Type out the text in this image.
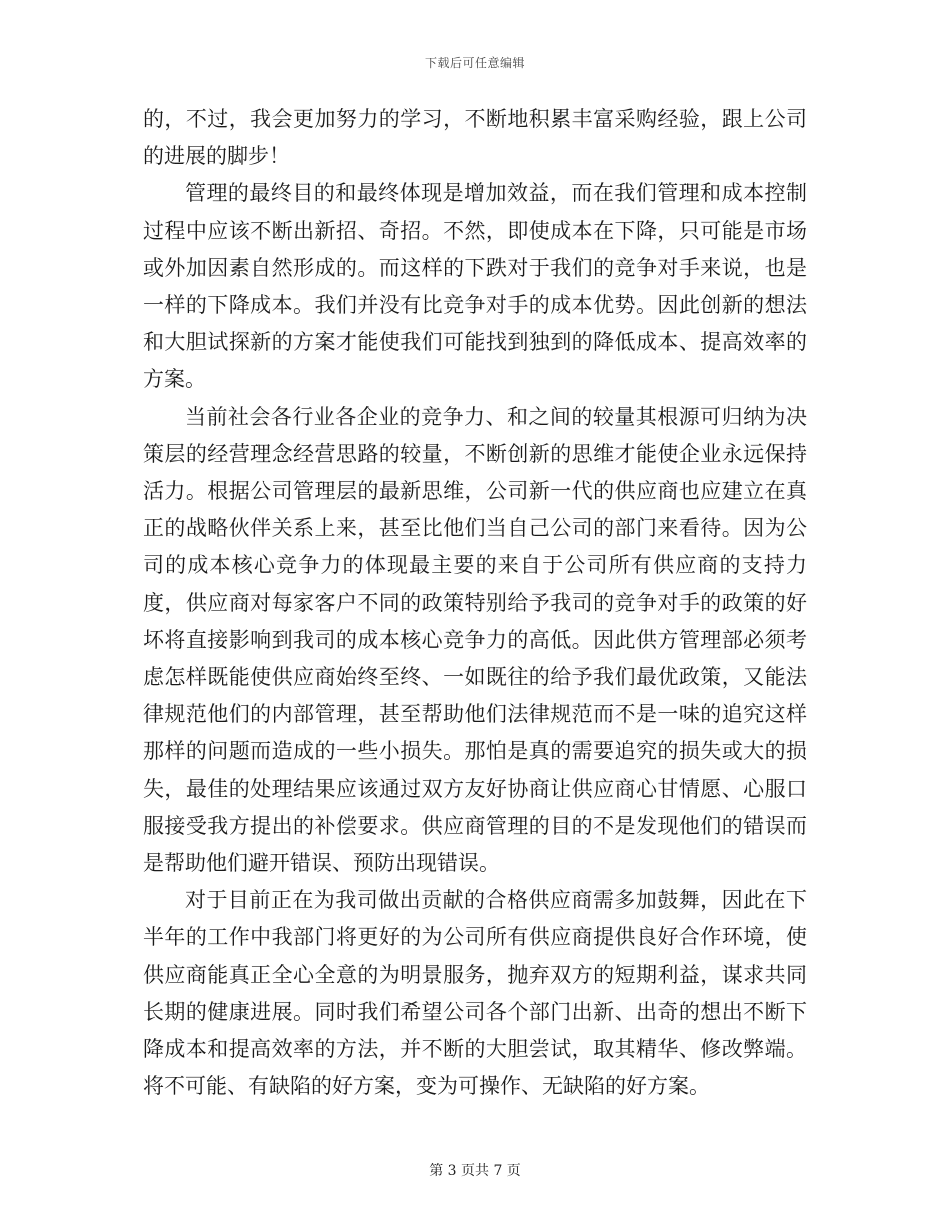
下载后可任意编辑

的，不过，我会更加努力的学习，不断地积累丰富采购经验，跟上公司的进展的脚步！

管理的最终目的和最终体现是增加效益，而在我们管理和成本控制过程中应该不断出新招、奇招。不然，即使成本在下降，只可能是市场或外加因素自然形成的。而这样的下跌对于我们的竞争对手来说，也是一样的下降成本。我们并没有比竞争对手的成本优势。因此创新的想法和大胆试探新的方案才能使我们可能找到独到的降低成本、提高效率的方案。

当前社会各行业各企业的竞争力、和之间的较量其根源可归纳为决策层的经营理念经营思路的较量，不断创新的思维才能使企业永远保持活力。根据公司管理层的最新思维，公司新一代的供应商也应建立在真正的战略伙伴关系上来，甚至比他们当自己公司的部门来看待。因为公司的成本核心竞争力的体现最主要的来自于公司所有供应商的支持力度，供应商对每家客户不同的政策特别给予我司的竞争对手的政策的好坏将直接影响到我司的成本核心竞争力的高低。因此供方管理部必须考虑怎样既能使供应商始终至终、一如既往的给予我们最优政策，又能法律规范他们的内部管理，甚至帮助他们法律规范而不是一味的追究这样那样的问题而造成的一些小损失。那怕是真的需要追究的损失或大的损失，最佳的处理结果应该通过双方友好协商让供应商心甘情愿、心服口服接受我方提出的补偿要求。供应商管理的目的不是发现他们的错误而是帮助他们避开错误、预防出现错误。

对于目前正在为我司做出贡献的合格供应商需多加鼓舞，因此在下半年的工作中我部门将更好的为公司所有供应商提供良好合作环境，使供应商能真正全心全意的为明景服务，抛弃双方的短期利益，谋求共同长期的健康进展。同时我们希望公司各个部门出新、出奇的想出不断下降成本和提高效率的方法，并不断的大胆尝试，取其精华、修改弊端。将不可能、有缺陷的好方案，变为可操作、无缺陷的好方案。

第 3 页共 7 页
